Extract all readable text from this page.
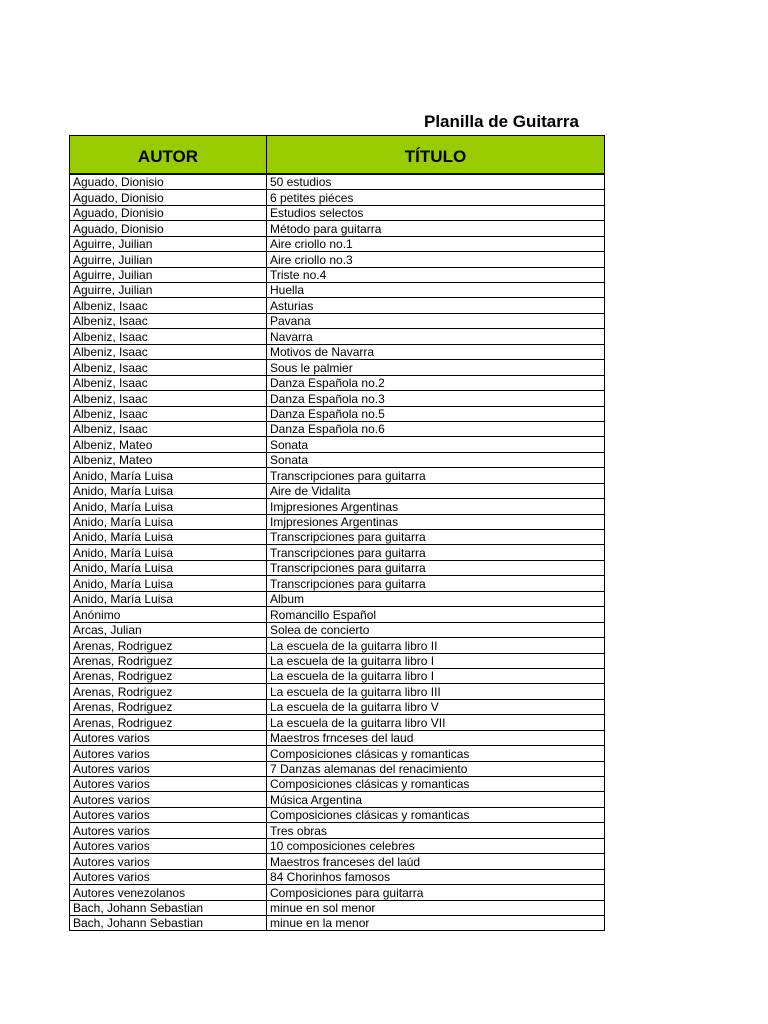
Planilla de Guitarra
AUTOR	TÍTULO
Aguado, Dionisio	50 estudios
Aguado, Dionisio	6 petites piéces
Aguado, Dionisio	Estudios selectos
Aguado, Dionisio	Método para guitarra
Aguirre, Juilian	Aire criollo no.1
Aguirre, Juilian	Aire criollo no.3
Aguirre, Juilian	Triste no.4
Aguirre, Juilian	Huella
Albeniz, Isaac	Asturias
Albeniz, Isaac	Pavana
Albeniz, Isaac	Navarra
Albeniz, Isaac	Motivos de Navarra
Albeniz, Isaac	Sous le palmier
Albeniz, Isaac	Danza Española no.2
Albeniz, Isaac	Danza Española no.3
Albeniz, Isaac	Danza Española no.5
Albeniz, Isaac	Danza Española no.6
Albeniz, Mateo	Sonata
Albeniz, Mateo	Sonata
Anido, María Luisa	Transcripciones para guitarra
Anido, María Luisa	Aire de Vidalita
Anido, María Luisa	Imjpresiones Argentinas
Anido, María Luisa	Imjpresiones Argentinas
Anido, María Luisa	Transcripciones para guitarra
Anido, María Luisa	Transcripciones para guitarra
Anido, María Luisa	Transcripciones para guitarra
Anido, María Luisa	Transcripciones para guitarra
Anido, María Luisa	Album
Anónimo	Romancillo Español
Arcas, Julian	Solea de concierto
Arenas, Rodriguez	La escuela de la guitarra libro II
Arenas, Rodriguez	La escuela de la guitarra libro I
Arenas, Rodriguez	La escuela de la guitarra libro I
Arenas, Rodriguez	La escuela de la guitarra libro III
Arenas, Rodriguez	La escuela de la guitarra libro V
Arenas, Rodriguez	La escuela de la guitarra libro VII
Autores varios	Maestros frnceses del laud
Autores varios	Composiciones clásicas y romanticas
Autores varios	7 Danzas alemanas del renacimiento
Autores varios	Composiciones clásicas y romanticas
Autores varios	Música Argentina
Autores varios	Composiciones clásicas y romanticas
Autores varios	Tres obras
Autores varios	10 composiciones celebres
Autores varios	Maestros franceses del laúd
Autores varios	84 Chorinhos famosos
Autores venezolanos	Composiciones para guitarra
Bach, Johann Sebastian	minue en sol menor
Bach, Johann Sebastian	minue en la menor
